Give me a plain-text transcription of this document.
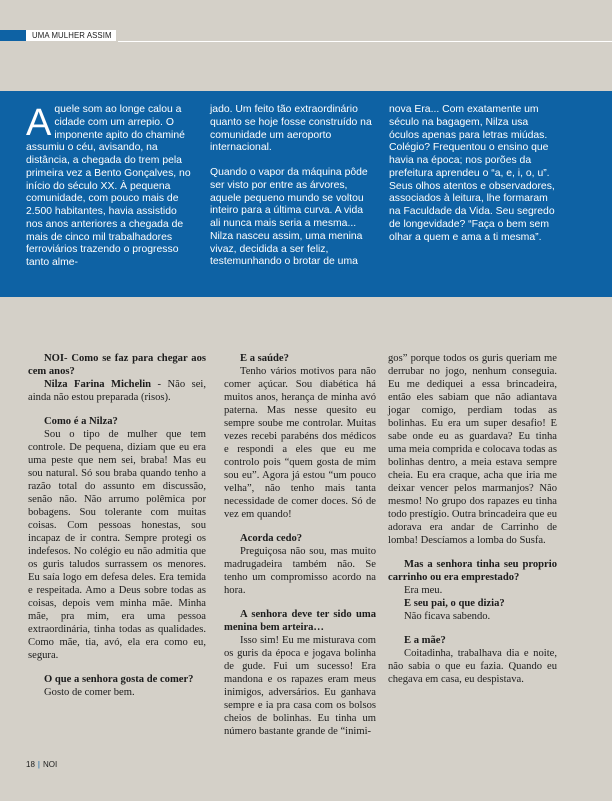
UMA MULHER ASSIM

Aquele som ao longe calou a cidade com um arrepio. O imponente apito do chaminé assumiu o céu, avisando, na distância, a chegada do trem pela primeira vez a Bento Gonçalves, no início do século XX. À pequena comunidade, com pouco mais de 2.500 habitantes, havia assistido nos anos anteriores a chegada de mais de cinco mil trabalhadores ferroviários trazendo o progresso tanto alme-

jado. Um feito tão extraordinário quanto se hoje fosse construído na comunidade um aeroporto internacional.

Quando o vapor da máquina pôde ser visto por entre as árvores, aquele pequeno mundo se voltou inteiro para a última curva. A vida ali nunca mais seria a mesma... Nilza nasceu assim, uma menina vivaz, decidida a ser feliz, testemunhando o brotar de uma

nova Era... Com exatamente um século na bagagem, Nilza usa óculos apenas para letras miúdas. Colégio? Frequentou o ensino que havia na época; nos porões da prefeitura aprendeu o “a, e, i, o, u”. Seus olhos atentos e observadores, associados à leitura, lhe formaram na Faculdade da Vida. Seu segredo de longevidade? “Faça o bem sem olhar a quem e ama a ti mesma”.

NOI- Como se faz para chegar aos cem anos?

Nilza Farina Michelin - Não sei, ainda não estou preparada (risos).

Como é a Nilza?

Sou o tipo de mulher que tem controle. De pequena, diziam que eu era uma peste que nem sei, braba! Mas eu sou natural. Só sou braba quando tenho a razão total do assunto em discussão, senão não. Não arrumo polêmica por bobagens. Sou tolerante com muitas coisas. Com pessoas honestas, sou incapaz de ir contra. Sempre protegi os indefesos. No colégio eu não admitia que os guris taludos surrassem os menores. Eu saía logo em defesa deles. Era temida e respeitada. Amo a Deus sobre todas as coisas, depois vem minha mãe. Minha mãe, pra mim, era uma pessoa extraordinária, tinha todas as qualidades. Como mãe, tia, avó, ela era como eu, segura.

O que a senhora gosta de comer?

Gosto de comer bem.

E a saúde?

Tenho vários motivos para não comer açúcar. Sou diabética há muitos anos, herança de minha avó paterna. Mas nesse quesito eu sempre soube me controlar. Muitas vezes recebi parabéns dos médicos e respondi a eles que eu me controlo pois “quem gosta de mim sou eu”. Agora já estou “um pouco velha”, não tenho mais tanta necessidade de comer doces. Só de vez em quando!

Acorda cedo?

Preguiçosa não sou, mas muito madrugadeira também não. Se tenho um compromisso acordo na hora.

A senhora deve ter sido uma menina bem arteira…

Isso sim! Eu me misturava com os guris da época e jogava bolinha de gude. Fui um sucesso! Era mandona e os rapazes eram meus inimigos, adversários. Eu ganhava sempre e ia pra casa com os bolsos cheios de bolinhas. Eu tinha um número bastante grande de “inimi-

gos” porque todos os guris queriam me derrubar no jogo, nenhum conseguia. Eu me dediquei a essa brincadeira, então eles sabiam que não adiantava jogar comigo, perdiam todas as bolinhas. Eu era um super desafio! E sabe onde eu as guardava? Eu tinha uma meia comprida e colocava todas as bolinhas dentro, a meia estava sempre cheia. Eu era craque, acha que iria me deixar vencer pelos marmanjos? Não mesmo! No grupo dos rapazes eu tinha todo prestígio. Outra brincadeira que eu adorava era andar de Carrinho de lomba! Descíamos a lomba do Susfa.

Mas a senhora tinha seu proprio carrinho ou era emprestado?

Era meu.

E seu pai, o que dizia?

Não ficava sabendo.

E a mãe?

Coitadinha, trabalhava dia e noite, não sabia o que eu fazia. Quando eu chegava em casa, eu despistava.

18 | NOI
